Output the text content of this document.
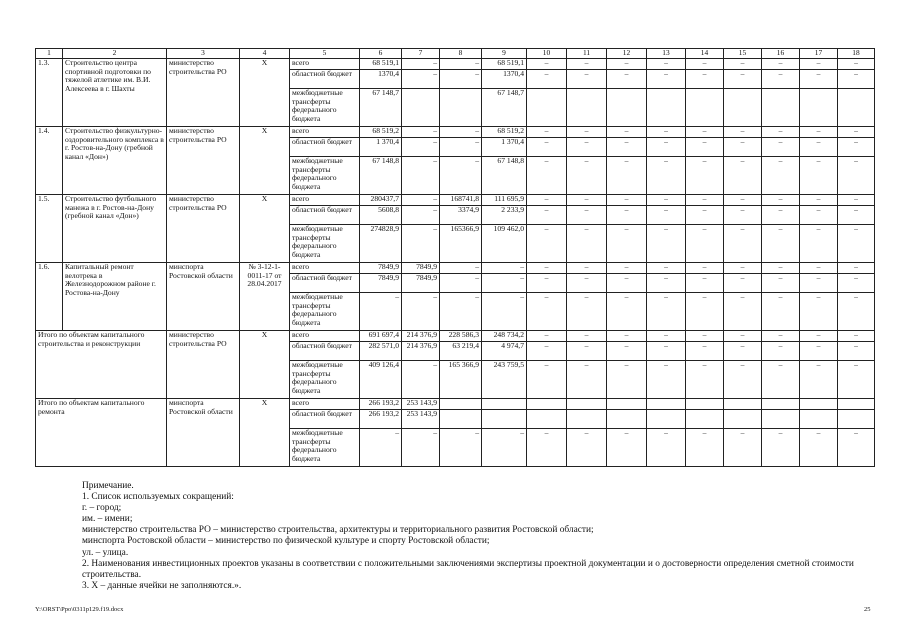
1	2	3	4	5	6	7	8	9	10	11	12	13	14	15	16	17	18
1.3.	Строительство центра спортивной подготовки по тяжелой атлетике им. В.И. Алексеева в г. Шахты	министерство строительства РО	Х	всего	68 519,1	–	–	68 519,1	–	–	–	–	–	–	–	–	–
				областной бюджет	1370,4	–	–	1370,4	–	–	–	–	–	–	–	–	–
				межбюджетные трансферты федерального бюджета	67 148,7			67 148,7									
1.4.	Строительство физкультурно-оздоровительного комплекса в г. Ростов-на-Дону (гребной канал «Дон»)	министерство строительства РО	Х	всего	68 519,2	–	–	68 519,2	–	–	–	–	–	–	–	–	–
				областной бюджет	1 370,4	–	–	1 370,4	–	–	–	–	–	–	–	–	–
				межбюджетные трансферты федерального бюджета	67 148,8	–	–	67 148,8	–	–	–	–	–	–	–	–	–
1.5.	Строительство футбольного манежа в г. Ростов-на-Дону (гребной канал «Дон»)	министерство строительства РО	Х	всего	280437,7	–	168741,8	111 695,9	–	–	–	–	–	–	–	–	–
				областной бюджет	5608,8	–	3374,9	2 233,9	–	–	–	–	–	–	–	–	–
				межбюджетные трансферты федерального бюджета	274828,9	–	165366,9	109 462,0	–	–	–	–	–	–	–	–	–
1.6.	Капитальный ремонт велотрека в Железнодорожном районе г. Ростова-на-Дону	минспорта Ростовской области	№ 3-12-1-0011-17 от 28.04.2017	всего	7849,9	7849,9	–	–	–	–	–	–	–	–	–	–	–
				областной бюджет	7849,9	7849,9	–	–	–	–	–	–	–	–	–	–	–
				межбюджетные трансферты федерального бюджета	–	–	–	–	–	–	–	–	–	–	–	–	–
Итого по объектам капитального строительства и реконструкции		министерство строительства РО	Х	всего	691 697,4	214 376,9	228 586,3	248 734,2	–	–	–	–	–	–	–	–	–
				областной бюджет	282 571,0	214 376,9	63 219,4	4 974,7	–	–	–	–	–	–	–	–	–
				межбюджетные трансферты федерального бюджета	409 126,4	–	165 366,9	243 759,5	–	–	–	–	–	–	–	–	–
Итого по объектам капитального ремонта		минспорта Ростовской области	Х	всего	266 193,2	253 143,9											
				областной бюджет	266 193,2	253 143,9											
				межбюджетные трансферты федерального бюджета	–	–	–	–	–	–	–	–	–	–	–	–	–
Примечание.
1. Список используемых сокращений:
г. – город;
им. – имени;
министерство строительства РО – министерство строительства, архитектуры и территориального развития Ростовской области;
минспорта Ростовской области – министерство по физической культуре и спорту Ростовской области;
ул. – улица.
2. Наименования инвестиционных проектов указаны в соответствии с положительными заключениями экспертизы проектной документации и о достоверности определения сметной стоимости строительства.
3. Х – данные ячейки не заполняются.».
Y:\ORST\Ppo\0311p129.f19.docx	25
